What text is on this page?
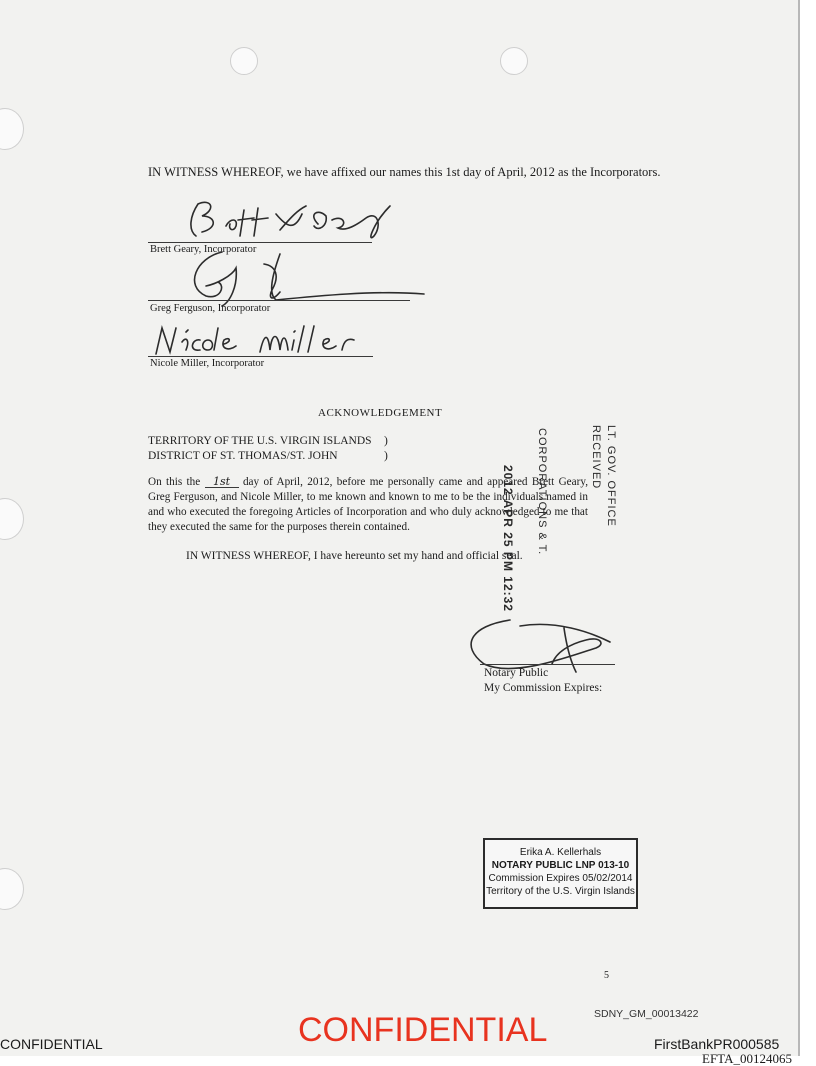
IN WITNESS WHEREOF, we have affixed our names this 1st day of April, 2012 as the Incorporators.
Brett Geary, Incorporator
Greg Ferguson, Incorporator
Nicole Miller, Incorporator
ACKNOWLEDGEMENT
TERRITORY OF THE U.S. VIRGIN ISLANDS )
DISTRICT OF ST. THOMAS/ST. JOHN	)
On this the 1st day of April, 2012, before me personally came and appeared Brett Geary, Greg Ferguson, and Nicole Miller, to me known and known to me to be the individuals named in and who executed the foregoing Articles of Incorporation and who duly acknowledged to me that they executed the same for the purposes therein contained.
IN WITNESS WHEREOF, I have hereunto set my hand and official seal.
2012 APR 25 PM 12:32 CORPORATIONS & T.	RECEIVED LT. GOV. OFFICE
Notary Public
My Commission Expires:
Erika A. Kellerhals
NOTARY PUBLIC LNP 013-10
Commission Expires 05/02/2014
Territory of the U.S. Virgin Islands
5
SDNY_GM_00013422
CONFIDENTIAL	CONFIDENTIAL	FirstBankPR000585
EFTA_00124065
